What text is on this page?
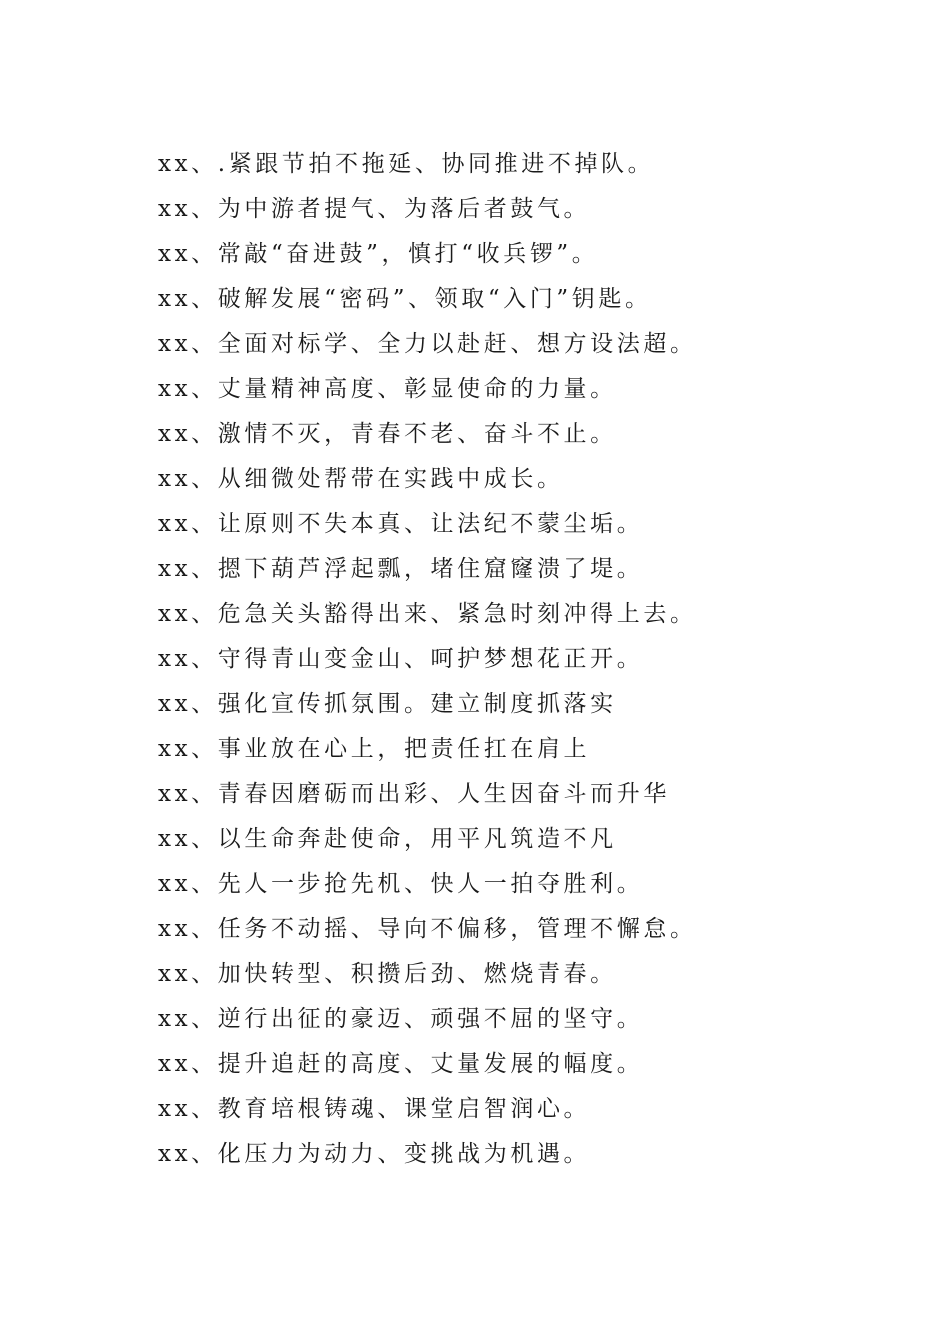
xx、.紧跟节拍不拖延、协同推进不掉队。
xx、为中游者提气、为落后者鼓气。
xx、常敲“奋进鼓”，慎打“收兵锣”。
xx、破解发展“密码”、领取“入门”钥匙。
xx、全面对标学、全力以赴赶、想方设法超。
xx、丈量精神高度、彰显使命的力量。
xx、激情不灭，青春不老、奋斗不止。
xx、从细微处帮带在实践中成长。
xx、让原则不失本真、让法纪不蒙尘垢。
xx、摁下葫芦浮起瓢，堵住窟窿溃了堤。
xx、危急关头豁得出来、紧急时刻冲得上去。
xx、守得青山变金山、呵护梦想花正开。
xx、强化宣传抓氛围。建立制度抓落实
xx、事业放在心上，把责任扛在肩上
xx、青春因磨砺而出彩、人生因奋斗而升华
xx、以生命奔赴使命，用平凡筑造不凡
xx、先人一步抢先机、快人一拍夺胜利。
xx、任务不动摇、导向不偏移，管理不懈怠。
xx、加快转型、积攒后劲、燃烧青春。
xx、逆行出征的豪迈、顽强不屈的坚守。
xx、提升追赶的高度、丈量发展的幅度。
xx、教育培根铸魂、课堂启智润心。
xx、化压力为动力、变挑战为机遇。
